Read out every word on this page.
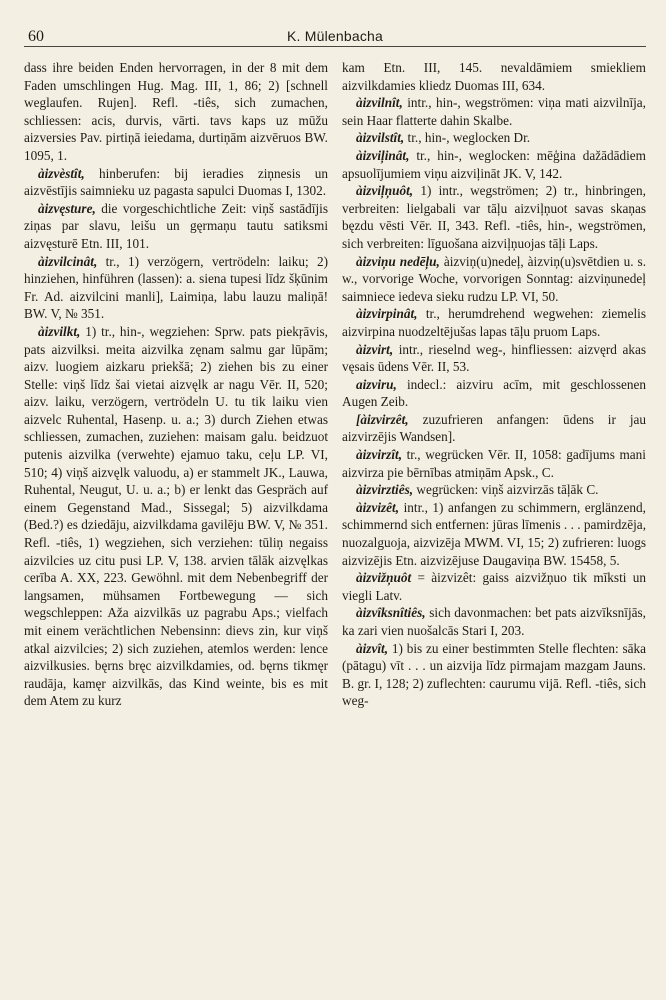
60	K. Mülenbacha

dass ihre beiden Enden hervorragen, in der 8 mit dem Faden umschlingen Hug. Mag. III, 1, 86; 2) [schnell weglaufen. Rujen]. Refl. -tiês, sich zumachen, schliessen: acis, durvis, vārti. tavs kaps uz mūžu aizversies Pav. pirtiņā ieiedama, durtiņām aizvēruos BW. 1095, 1.

àizvèstît, hinberufen: bij ieradies ziņnesis un aizvēstījis saimnieku uz pagasta sapulci Duomas I, 1302.

àizvęsture, die vorgeschichtliche Zeit: viņš sastādījis ziņas par slavu, leišu un gęrmaņu tautu satiksmi aizvęsturē Etn. III, 101.

àizvilcinât, tr., 1) verzögern, vertrödeln: laiku; 2) hinziehen, hinführen (lassen): a. siena tupesi līdz šķūnim Fr. Ad. aizvilcini manli], Laimiņa, labu lauzu maliņā! BW. V, № 351.

àizvilkt, 1) tr., hin-, wegziehen: Sprw. pats piekŗāvis, pats aizvilksi. meita aizvilka zęnam salmu gar lūpām; aizv. luogiem aizkaru priekšā; 2) ziehen bis zu einer Stelle: viņš līdz šai vietai aizvęlk ar nagu Vēr. II, 520; aizv. laiku, verzögern, vertrödeln U. tu tik laiku vien aizvelc Ruhental, Hasenp. u. a.; 3) durch Ziehen etwas schliessen, zumachen, zuziehen: maisam galu. beidzuot putenis aizvilka (verwehte) ejamuo taku, ceļu LP. VI, 510; 4) viņš aizvęlk valuodu, a) er stammelt JK., Lauwa, Ruhental, Neugut, U. u. a.; b) er lenkt das Gespräch auf einem Gegenstand Mad., Sissegal; 5) aizvilkdama (Bed.?) es dziedāju, aizvilkdama gavilēju BW. V, № 351. Refl. -tiês, 1) wegziehen, sich verziehen: tūliņ negaiss aizvilcies uz citu pusi LP. V, 138. arvien tālāk aizvęlkas cerība A. XX, 223. Gewöhnl. mit dem Nebenbegriff der langsamen, mühsamen Fortbewegung — sich wegschleppen: Aža aizvilkās uz pagrabu Aps.; vielfach mit einem verächtlichen Nebensinn: dievs zin, kur viņš atkal aizvilcies; 2) sich zuziehen, atemlos werden: lence aizvilkusies. bęrns bręc aizvilkdamies, od. bęrns tikmęr raudāja, kamęr aizvilkās, das Kind weinte, bis es mit dem Atem zu kurz

kam Etn. III, 145. nevaldāmiem smiekliem aizvilkdamies kliedz Duomas III, 634.

àizvilnît, intr., hin-, wegströmen: viņa mati aizvilnīja, sein Haar flatterte dahin Skalbe.

àizvilstît, tr., hin-, weglocken Dr.

àizviļinât, tr., hin-, weglocken: mēģina dažādādiem apsuolījumiem viņu aizviļināt JK. V, 142.

àizviļņuôt, 1) intr., wegströmen; 2) tr., hinbringen, verbreiten: lielgabali var tāļu aizviļņuot savas skaņas bęzdu vēsti Vēr. II, 343. Refl. -tiês, hin-, wegströmen, sich verbreiten: līguošana aizviļņuojas tāļi Laps.

àizviņu nedēļu, àizviņ(u)nedeļ, àizviņ(u)svētdien u. s. w., vorvorige Woche, vorvorigen Sonntag: aizviņunedeļ saimniece iedeva sieku rudzu LP. VI, 50.

àizvirpinât, tr., herumdrehend wegwehen: ziemelis aizvirpina nuodzeltējušas lapas tāļu pruom Laps.

àizvirt, intr., rieselnd weg-, hinfliessen: aizvęrd akas vęsais ūdens Vēr. II, 53.

aizviru, indecl.: aizviru acīm, mit geschlossenen Augen Zeib.

[àizvirzêt, zuzufrieren anfangen: ūdens ir jau aizvirzējis Wandsen].

àizvirzît, tr., wegrücken Vēr. II, 1058: gadījums mani aizvirza pie bērnības atmiņām Apsk., C.

àizvirztiês, wegrücken: viņš aizvirzās tāļāk C.

àizvizêt, intr., 1) anfangen zu schimmern, erglänzend, schimmernd sich entfernen: jūras līmenis . . . pamirdzēja, nuozalguoja, aizvizēja MWM. VI, 15; 2) zufrieren: luogs aizvizējis Etn. aizvizējuse Daugaviņa BW. 15458, 5.

àizvižņuôt = àizvizêt: gaiss aizvižņuo tik mīksti un viegli Latv.

àizvîksnîtiês, sich davonmachen: bet pats aizvīksnījās, ka zari vien nuošalcās Stari I, 203.

àizvît, 1) bis zu einer bestimmten Stelle flechten: sāka (pātagu) vīt . . . un aizvija līdz pirmajam mazgam Jauns. B. gr. I, 128; 2) zuflechten: caurumu vijā. Refl. -tiês, sich weg-
